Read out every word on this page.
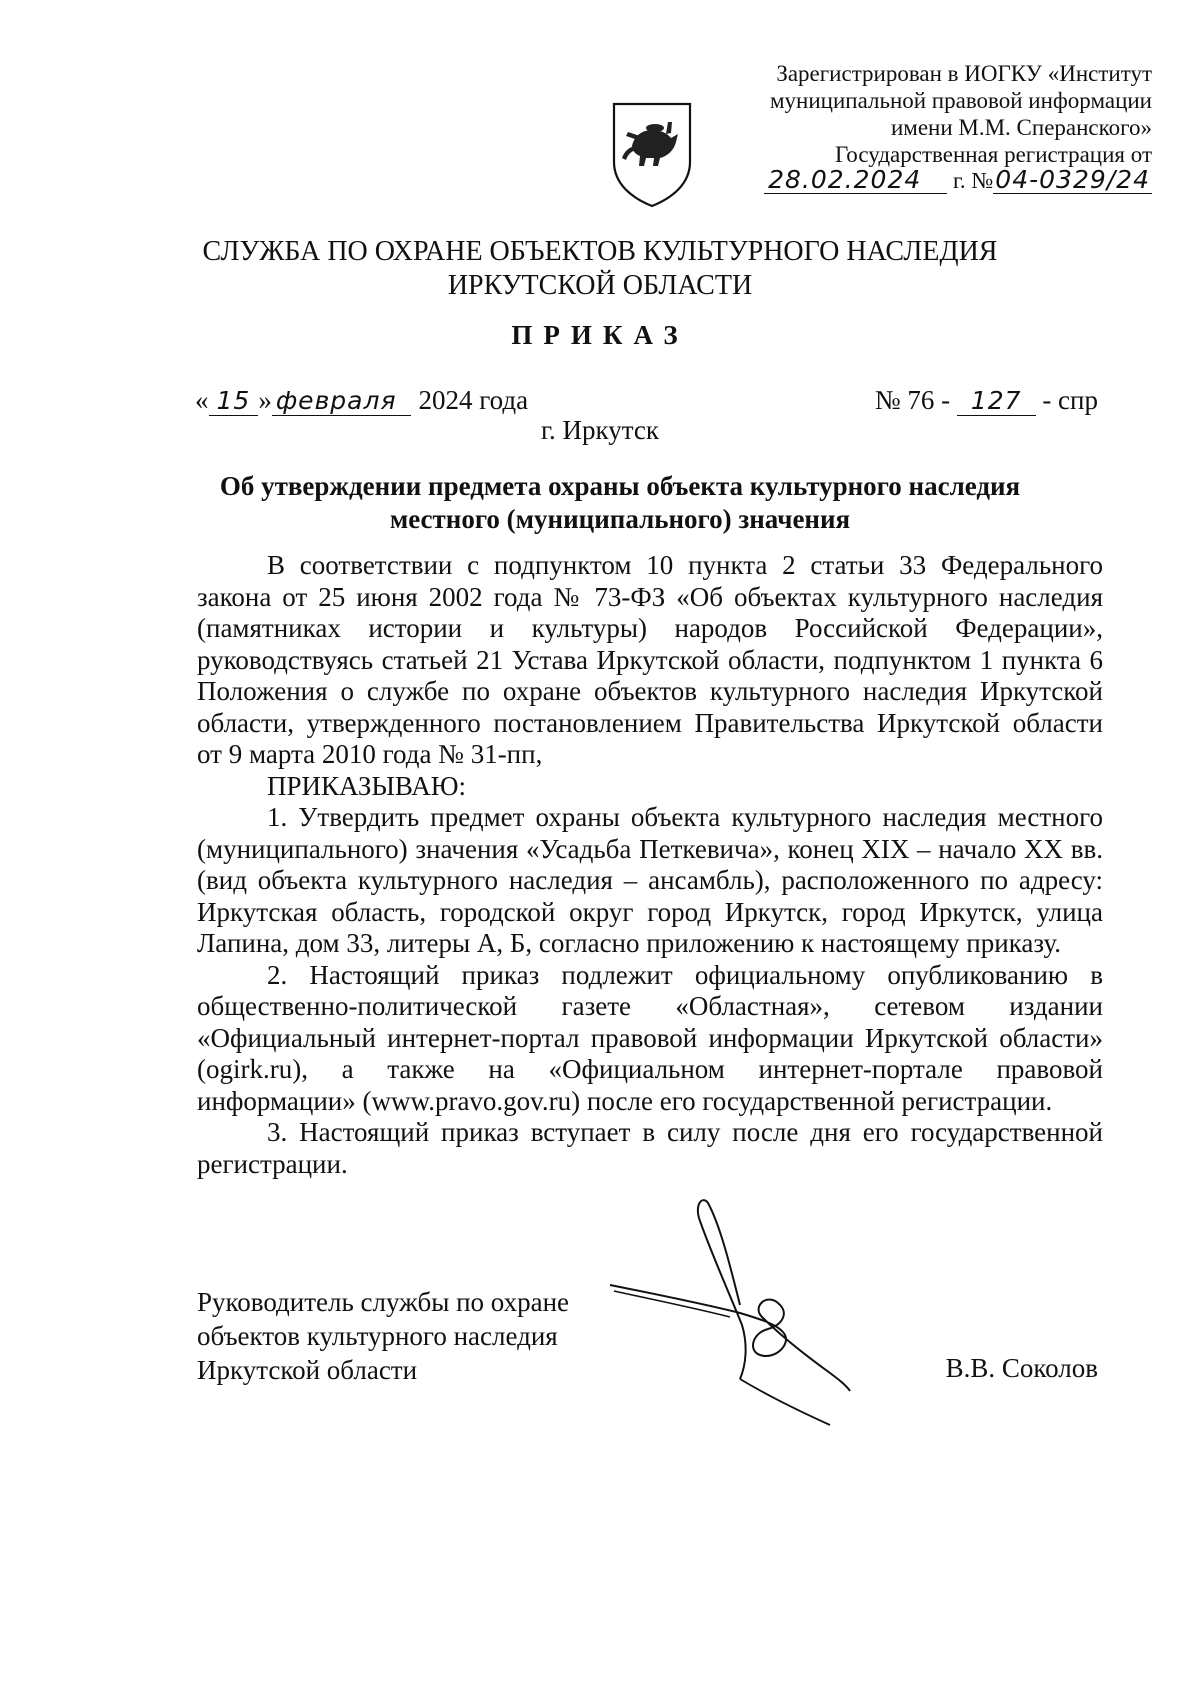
Зарегистрирован в ИОГКУ «Институт
муниципальной правовой информации
имени М.М. Сперанского»
Государственная регистрация от
28.02.2024 г. №04-0329/24
СЛУЖБА ПО ОХРАНЕ ОБЪЕКТОВ КУЛЬТУРНОГО НАСЛЕДИЯ
ИРКУТСКОЙ ОБЛАСТИ
ПРИКАЗ
« 15 » февраля 2024 года	№ 76 - 127 - спр
г. Иркутск
Об утверждении предмета охраны объекта культурного наследия
местного (муниципального) значения

В соответствии с подпунктом 10 пункта 2 статьи 33 Федерального закона от 25 июня 2002 года № 73-ФЗ «Об объектах культурного наследия (памятниках истории и культуры) народов Российской Федерации», руководствуясь статьей 21 Устава Иркутской области, подпунктом 1 пункта 6 Положения о службе по охране объектов культурного наследия Иркутской области, утвержденного постановлением Правительства Иркутской области от 9 марта 2010 года № 31-пп,

ПРИКАЗЫВАЮ:

1. Утвердить предмет охраны объекта культурного наследия местного (муниципального) значения «Усадьба Петкевича», конец XIX – начало XX вв. (вид объекта культурного наследия – ансамбль), расположенного по адресу: Иркутская область, городской округ город Иркутск, город Иркутск, улица Лапина, дом 33, литеры А, Б, согласно приложению к настоящему приказу.

2. Настоящий приказ подлежит официальному опубликованию в общественно-политической газете «Областная», сетевом издании «Официальный интернет-портал правовой информации Иркутской области» (ogirk.ru), а также на «Официальном интернет-портале правовой информации» (www.pravo.gov.ru) после его государственной регистрации.

3. Настоящий приказ вступает в силу после дня его государственной регистрации.

Руководитель службы по охране
объектов культурного наследия
Иркутской области	В.В. Соколов
